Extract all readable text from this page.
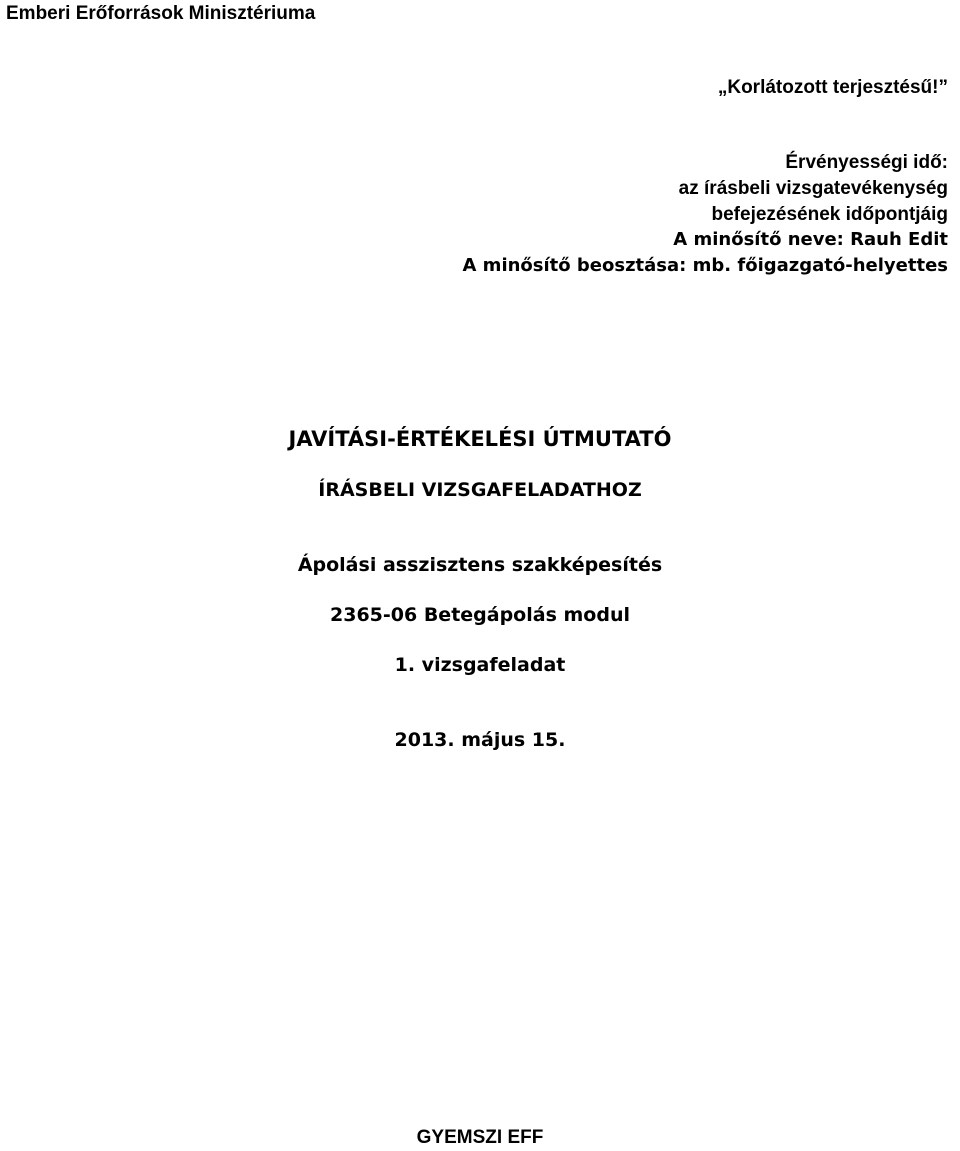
Emberi Erőforrások Minisztériuma
„Korlátozott terjesztésű!”
Érvényességi idő:
az írásbeli vizsgatevékenység
befejezésének időpontjáig
A minősítő neve: Rauh Edit
A minősítő beosztása: mb. főigazgató-helyettes
JAVÍTÁSI-ÉRTÉKELÉSI ÚTMUTATÓ
ÍRÁSBELI VIZSGAFELADATHOZ
Ápolási asszisztens szakképesítés
2365-06 Betegápolás modul
1. vizsgafeladat
2013. május 15.
GYEMSZI EFF
